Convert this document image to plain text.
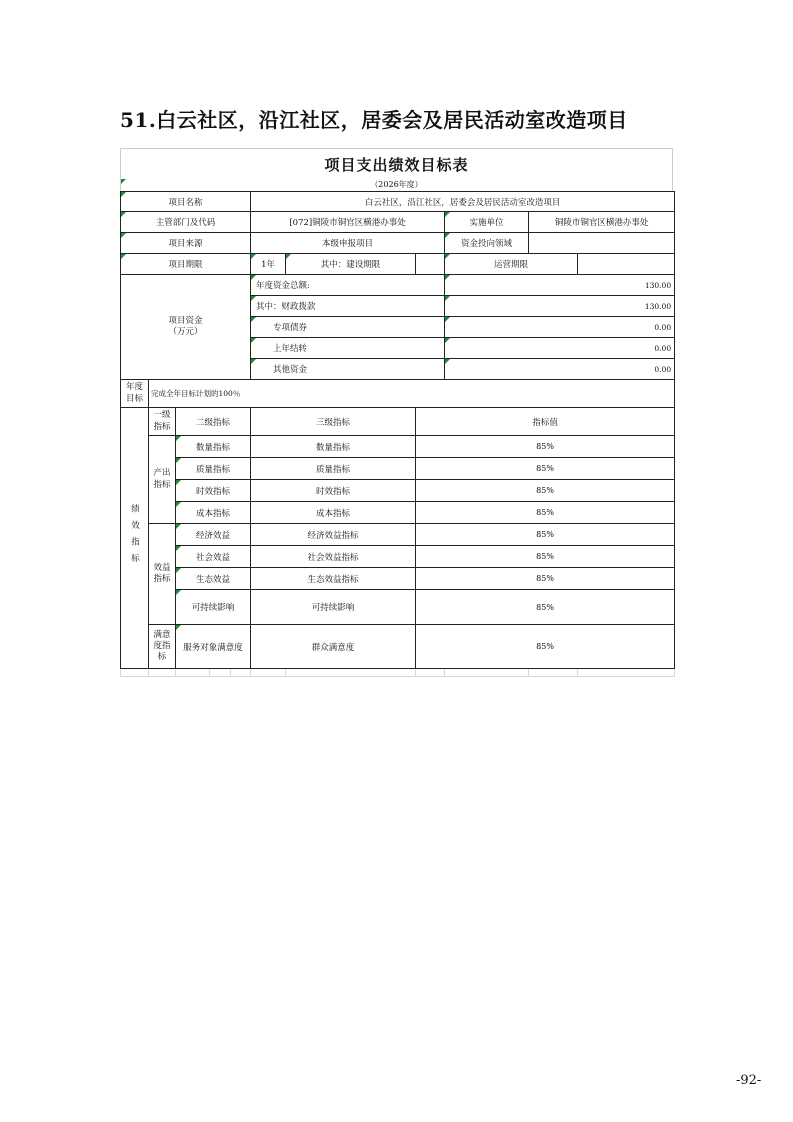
51.白云社区，沿江社区，居委会及居民活动室改造项目
项目支出绩效目标表
（2026年度）
项目名称					白云社区，沿江社区，居委会及居民活动室改造项目					
主管部门及代码					[072]铜陵市铜官区横港办事处			实施单位	铜陵市铜官区横港办事处	
项目来源					本级申报项目			资金投向领域		
项目期限					1年	其中：建设期限		运营期限		
项目资金
（万元）					年度资金总额:			130.00		
					其中：财政拨款			130.00		
					专项债券			0.00		
					上年结转			0.00		
					其他资金			0.00		
年度
目标	完成全年目标计划的100％									
绩效指标	一级指标	二级指标			三级指标		指标值			
	产出指标	数量指标			数量指标		85%			
		质量指标			质量指标		85%			
		时效指标			时效指标		85%			
		成本指标			成本指标		85%			
	效益指标	经济效益			经济效益指标		85%			
		社会效益			社会效益指标		85%			
		生态效益			生态效益指标		85%			
		可持续影响			可持续影响		85%			
	满意度指标	服务对象满意度			群众满意度		85%			

-92-
